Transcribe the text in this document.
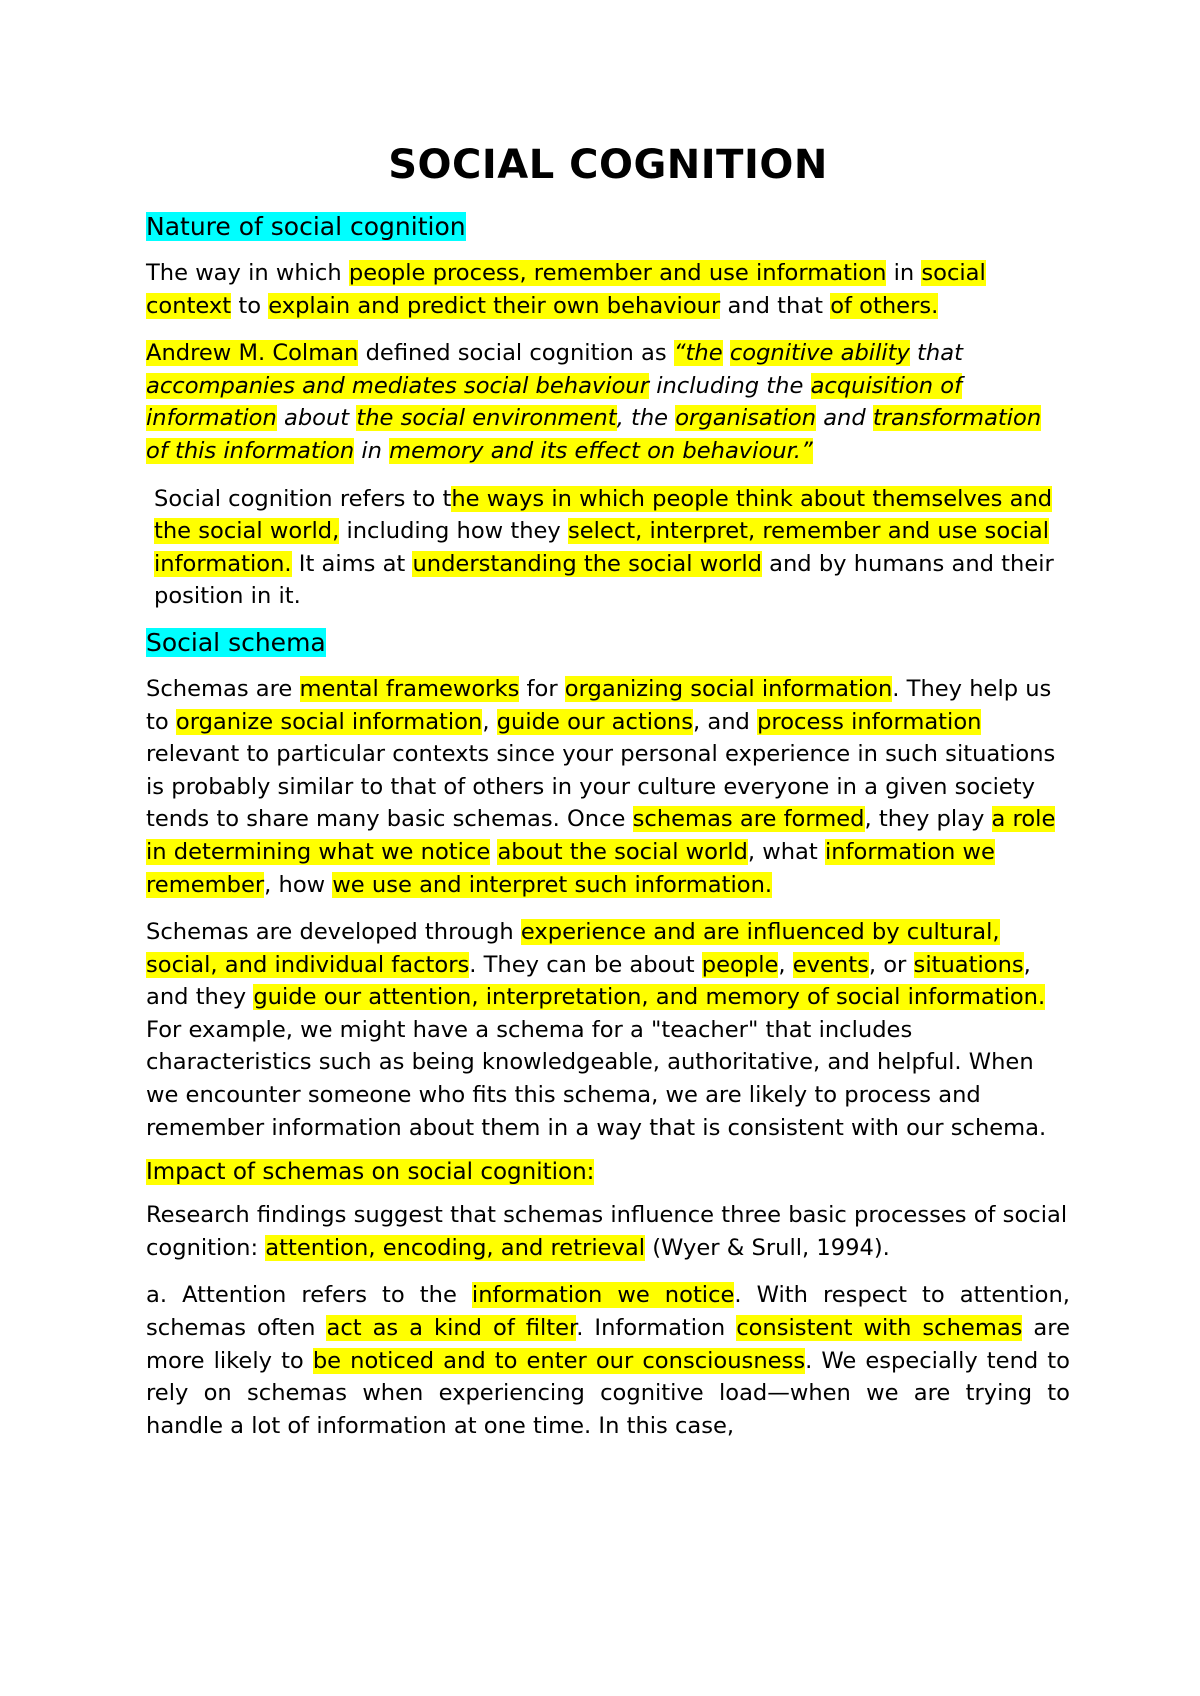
SOCIAL COGNITION
Nature of social cognition

The way in which people process, remember and use information in social context to explain and predict their own behaviour and that of others.

Andrew M. Colman defined social cognition as “the cognitive ability that accompanies and mediates social behaviour including the acquisition of information about the social environment, the organisation and transformation of this information in memory and its effect on behaviour.”

Social cognition refers to the ways in which people think about themselves and the social world, including how they select, interpret, remember and use social information. It aims at understanding the social world and by humans and their position in it.

Social schema

Schemas are mental frameworks for organizing social information. They help us to organize social information, guide our actions, and process information relevant to particular contexts since your personal experience in such situations is probably similar to that of others in your culture everyone in a given society tends to share many basic schemas. Once schemas are formed, they play a role in determining what we notice about the social world, what information we remember, how we use and interpret such information.

Schemas are developed through experience and are influenced by cultural, social, and individual factors. They can be about people, events, or situations, and they guide our attention, interpretation, and memory of social information. For example, we might have a schema for a "teacher" that includes characteristics such as being knowledgeable, authoritative, and helpful. When we encounter someone who fits this schema, we are likely to process and remember information about them in a way that is consistent with our schema.

Impact of schemas on social cognition:

Research findings suggest that schemas influence three basic processes of social cognition: attention, encoding, and retrieval (Wyer & Srull, 1994).

a. Attention refers to the information we notice. With respect to attention, schemas often act as a kind of filter. Information consistent with schemas are more likely to be noticed and to enter our consciousness. We especially tend to rely on schemas when experiencing cognitive load—when we are trying to handle a lot of information at one time. In this case,
